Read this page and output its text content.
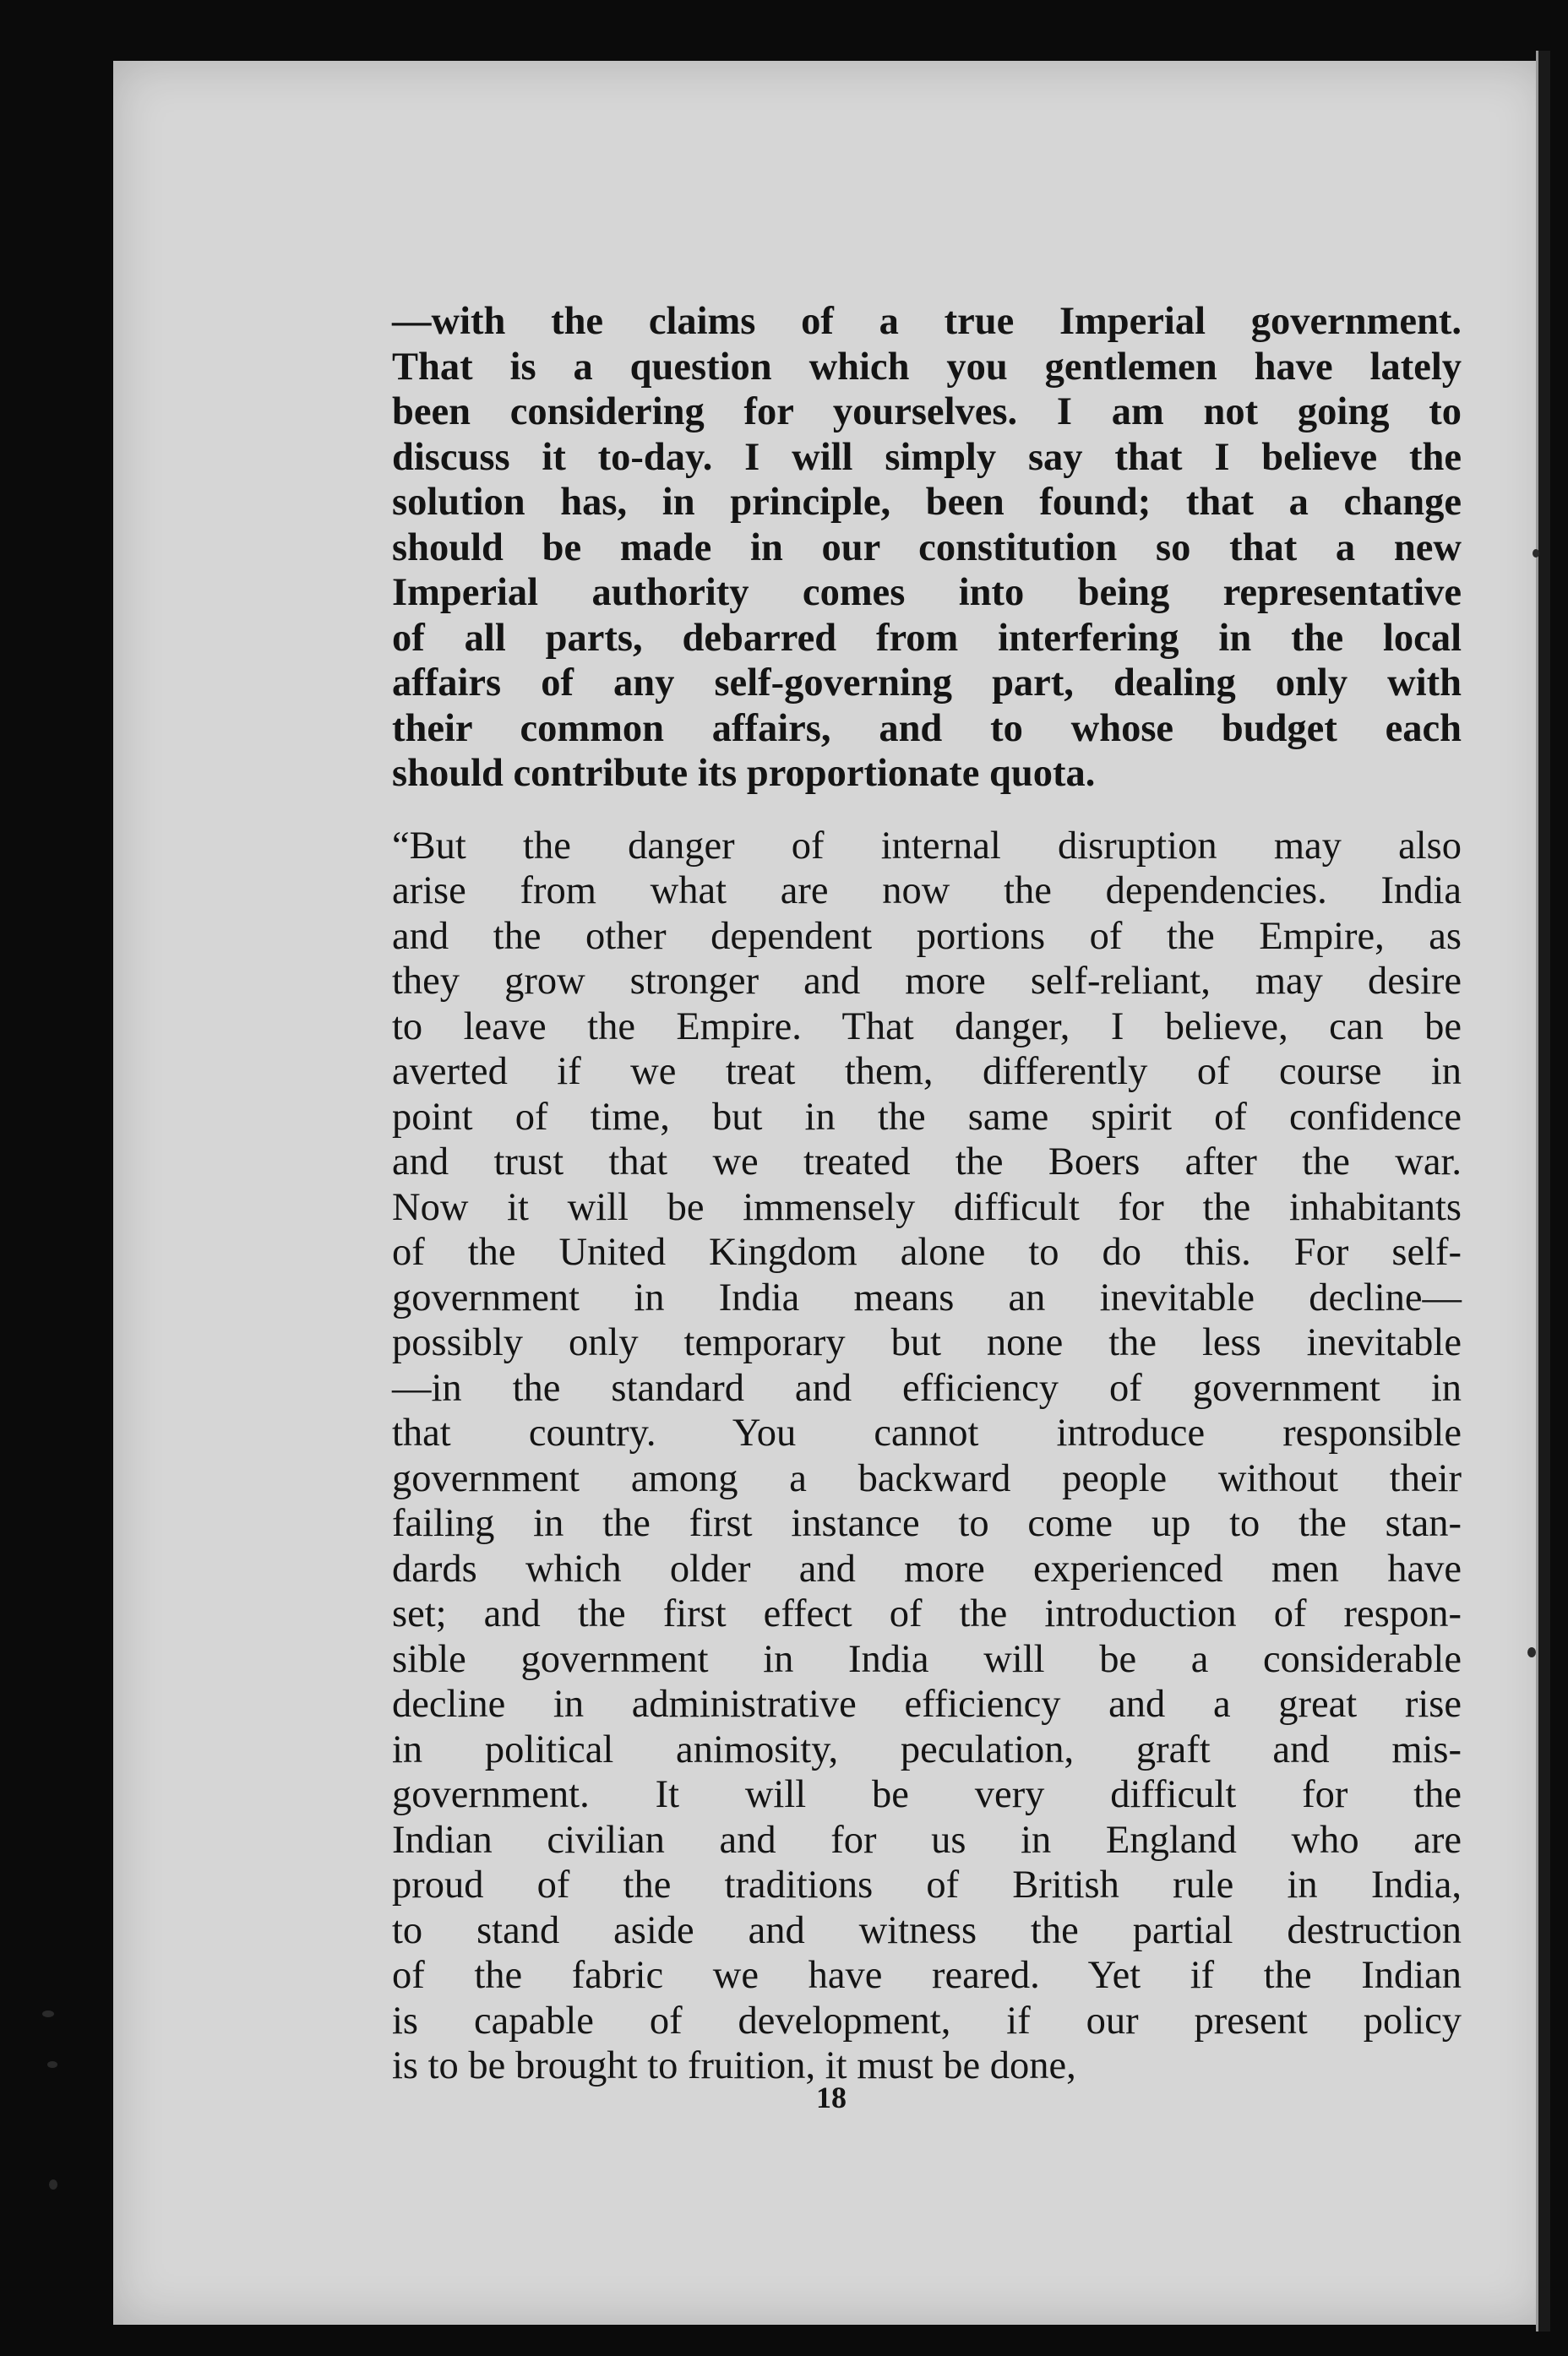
—with the claims of a true Imperial government.
That is a question which you gentlemen have lately
been considering for yourselves. I am not going to
discuss it to-day. I will simply say that I believe the
solution has, in principle, been found; that a change
should be made in our constitution so that a new
Imperial authority comes into being representative
of all parts, debarred from interfering in the local
affairs of any self-governing part, dealing only with
their common affairs, and to whose budget each
should contribute its proportionate quota.

“But the danger of internal disruption may also
arise from what are now the dependencies. India
and the other dependent portions of the Empire, as
they grow stronger and more self-reliant, may desire
to leave the Empire. That danger, I believe, can be
averted if we treat them, differently of course in
point of time, but in the same spirit of confidence
and trust that we treated the Boers after the war.
Now it will be immensely difficult for the inhabitants
of the United Kingdom alone to do this. For self-
government in India means an inevitable decline—
possibly only temporary but none the less inevitable
—in the standard and efficiency of government in
that country. You cannot introduce responsible
government among a backward people without their
failing in the first instance to come up to the stan-
dards which older and more experienced men have
set; and the first effect of the introduction of respon-
sible government in India will be a considerable
decline in administrative efficiency and a great rise
in political animosity, peculation, graft and mis-
government. It will be very difficult for the
Indian civilian and for us in England who are
proud of the traditions of British rule in India,
to stand aside and witness the partial destruction
of the fabric we have reared. Yet if the Indian
is capable of development, if our present policy
is to be brought to fruition, it must be done,

18
